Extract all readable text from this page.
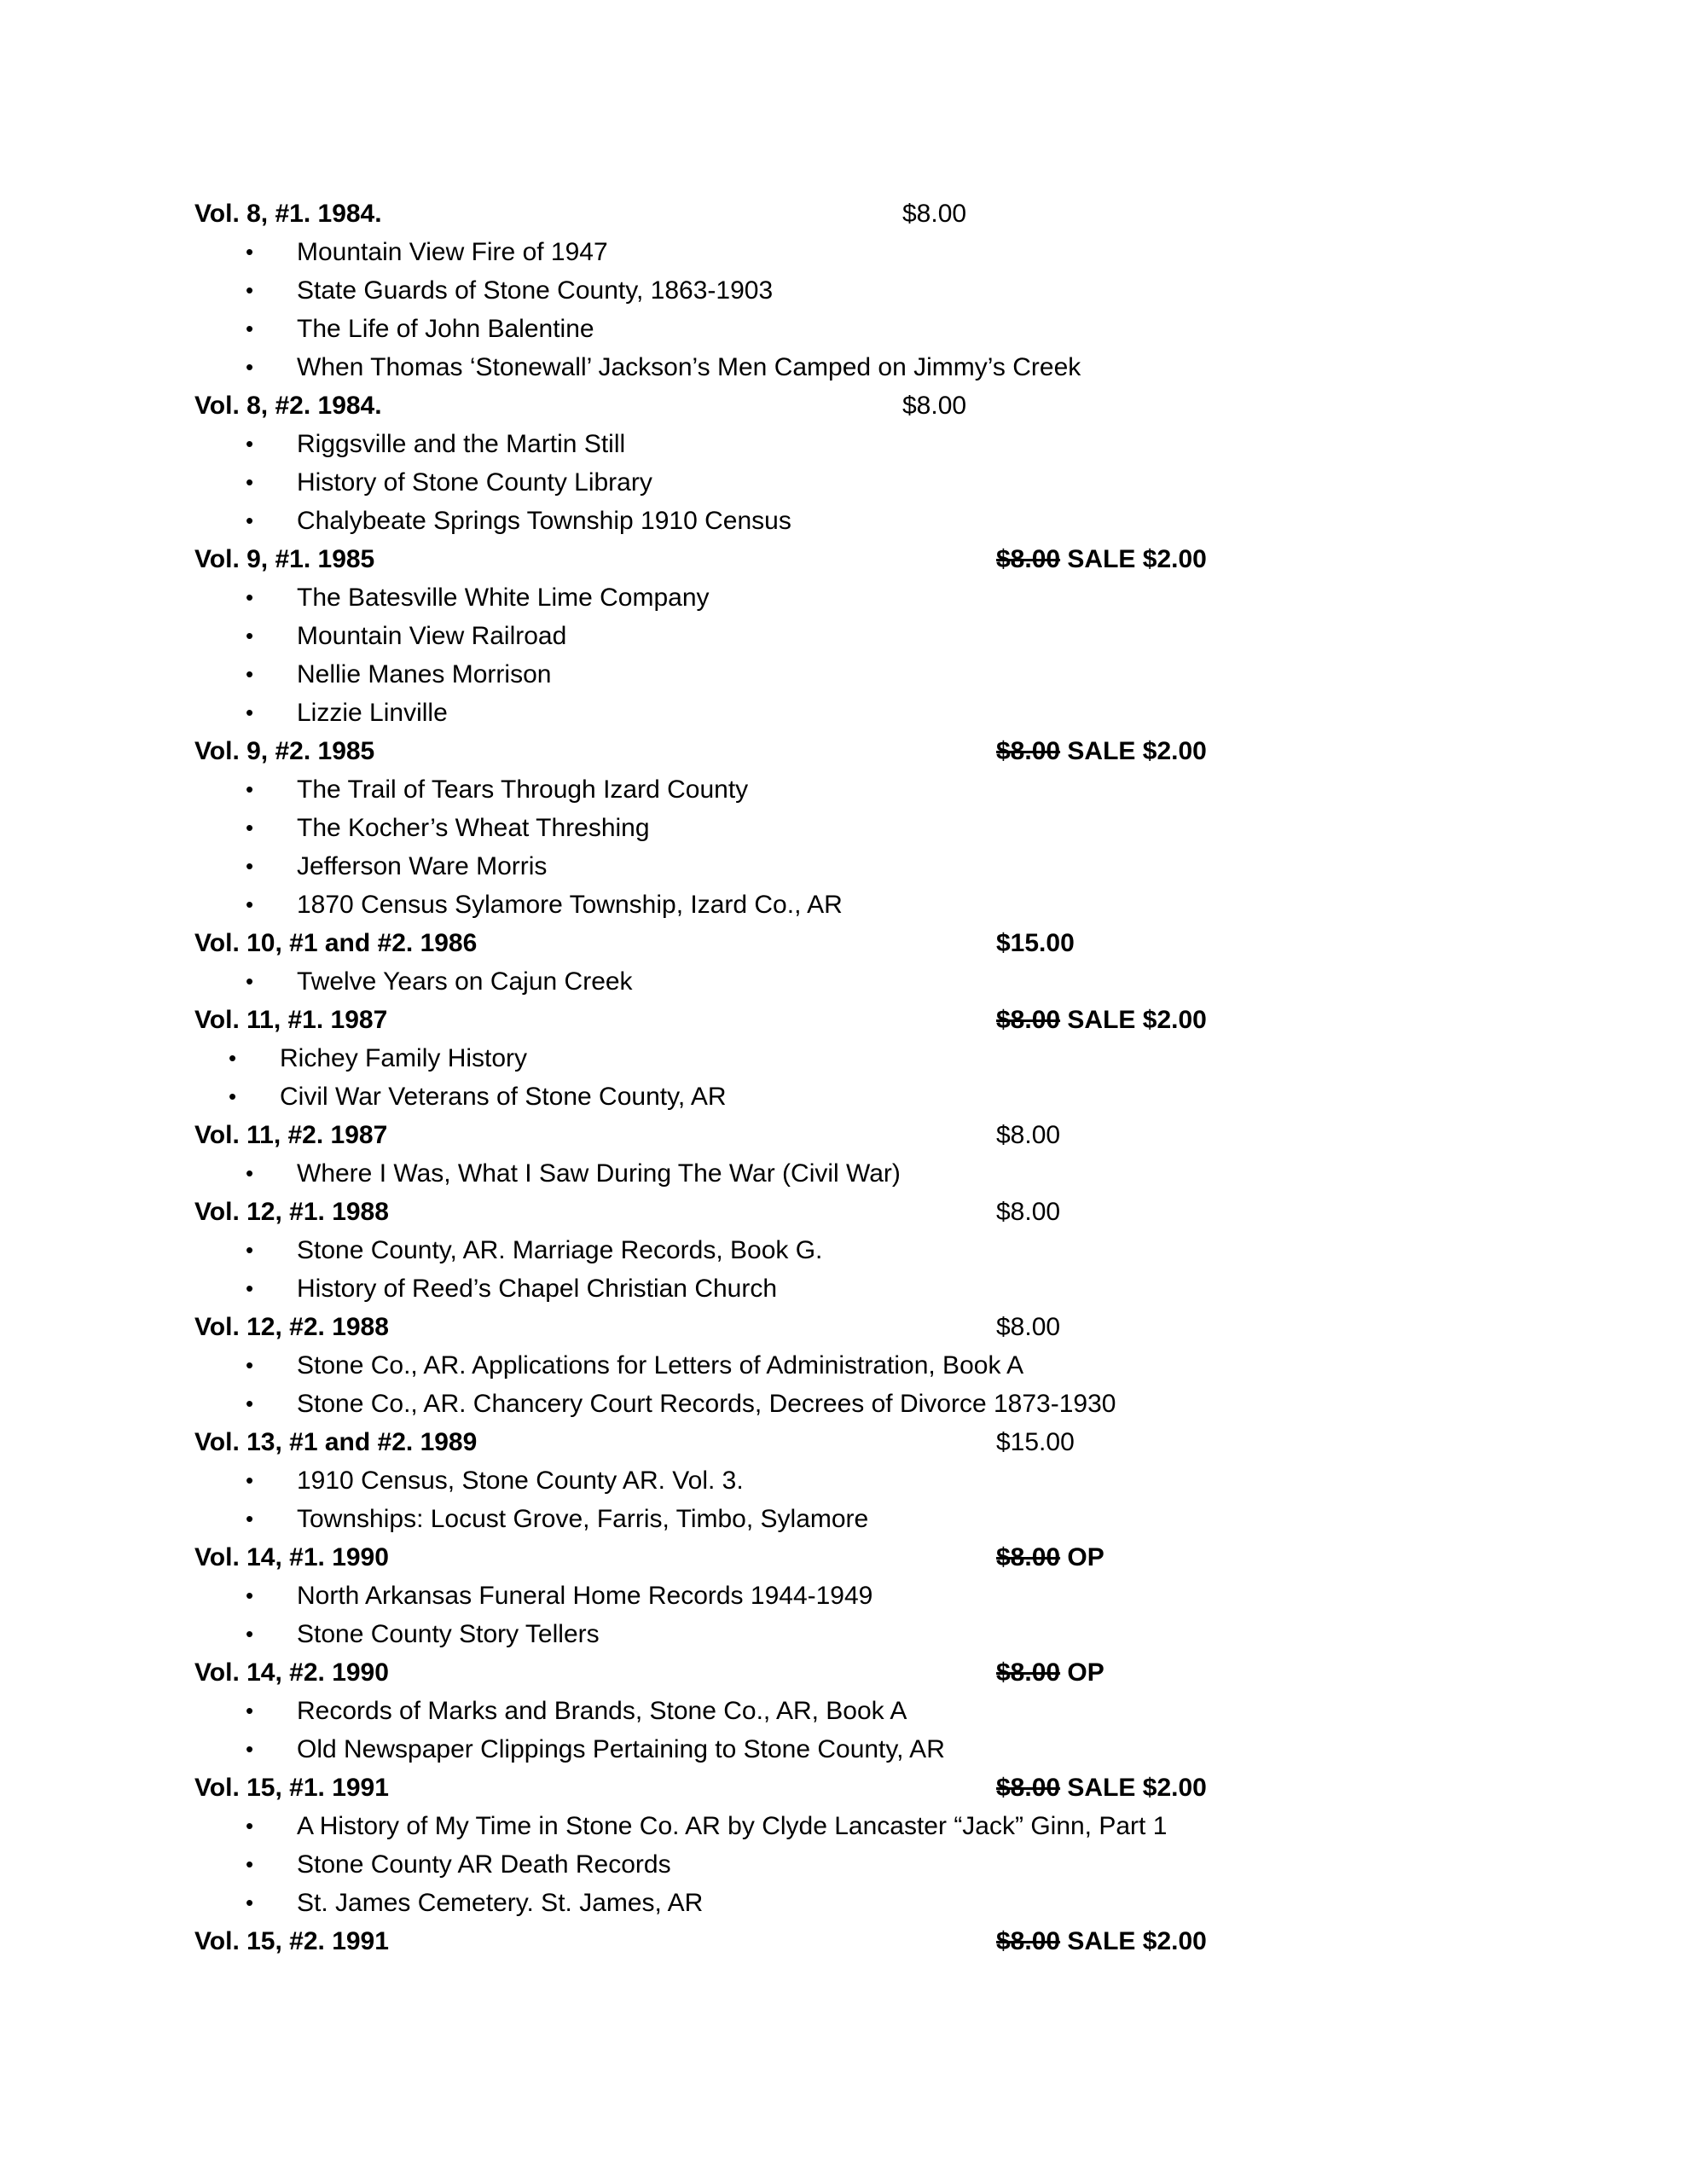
Vol. 8, #1. 1984.	$8.00
• Mountain View Fire of 1947
• State Guards of Stone County, 1863-1903
• The Life of John Balentine
• When Thomas ‘Stonewall’ Jackson’s Men Camped on Jimmy’s Creek
Vol. 8, #2. 1984.	$8.00
• Riggsville and the Martin Still
• History of Stone County Library
• Chalybeate Springs Township 1910 Census
Vol. 9, #1. 1985	$8.00 SALE $2.00
• The Batesville White Lime Company
• Mountain View Railroad
• Nellie Manes Morrison
• Lizzie Linville
Vol. 9, #2. 1985	$8.00 SALE $2.00
• The Trail of Tears Through Izard County
• The Kocher’s Wheat Threshing
• Jefferson Ware Morris
• 1870 Census Sylamore Township, Izard Co., AR
Vol. 10, #1 and #2. 1986	$15.00
• Twelve Years on Cajun Creek
Vol. 11, #1. 1987	$8.00 SALE $2.00
• Richey Family History
• Civil War Veterans of Stone County, AR
Vol. 11, #2. 1987	$8.00
• Where I Was, What I Saw During The War (Civil War)
Vol. 12, #1. 1988	$8.00
• Stone County, AR. Marriage Records, Book G.
• History of Reed’s Chapel Christian Church
Vol. 12, #2. 1988	$8.00
• Stone Co., AR. Applications for Letters of Administration, Book A
• Stone Co., AR. Chancery Court Records, Decrees of Divorce 1873-1930
Vol. 13, #1 and #2. 1989	$15.00
• 1910 Census, Stone County AR. Vol. 3.
• Townships: Locust Grove, Farris, Timbo, Sylamore
Vol. 14, #1. 1990	$8.00 OP
• North Arkansas Funeral Home Records 1944-1949
• Stone County Story Tellers
Vol. 14, #2. 1990	$8.00 OP
• Records of Marks and Brands, Stone Co., AR, Book A
• Old Newspaper Clippings Pertaining to Stone County, AR
Vol. 15, #1. 1991	$8.00 SALE $2.00
• A History of My Time in Stone Co. AR by Clyde Lancaster “Jack” Ginn, Part 1
• Stone County AR Death Records
• St. James Cemetery. St. James, AR
Vol. 15, #2. 1991	$8.00 SALE $2.00
